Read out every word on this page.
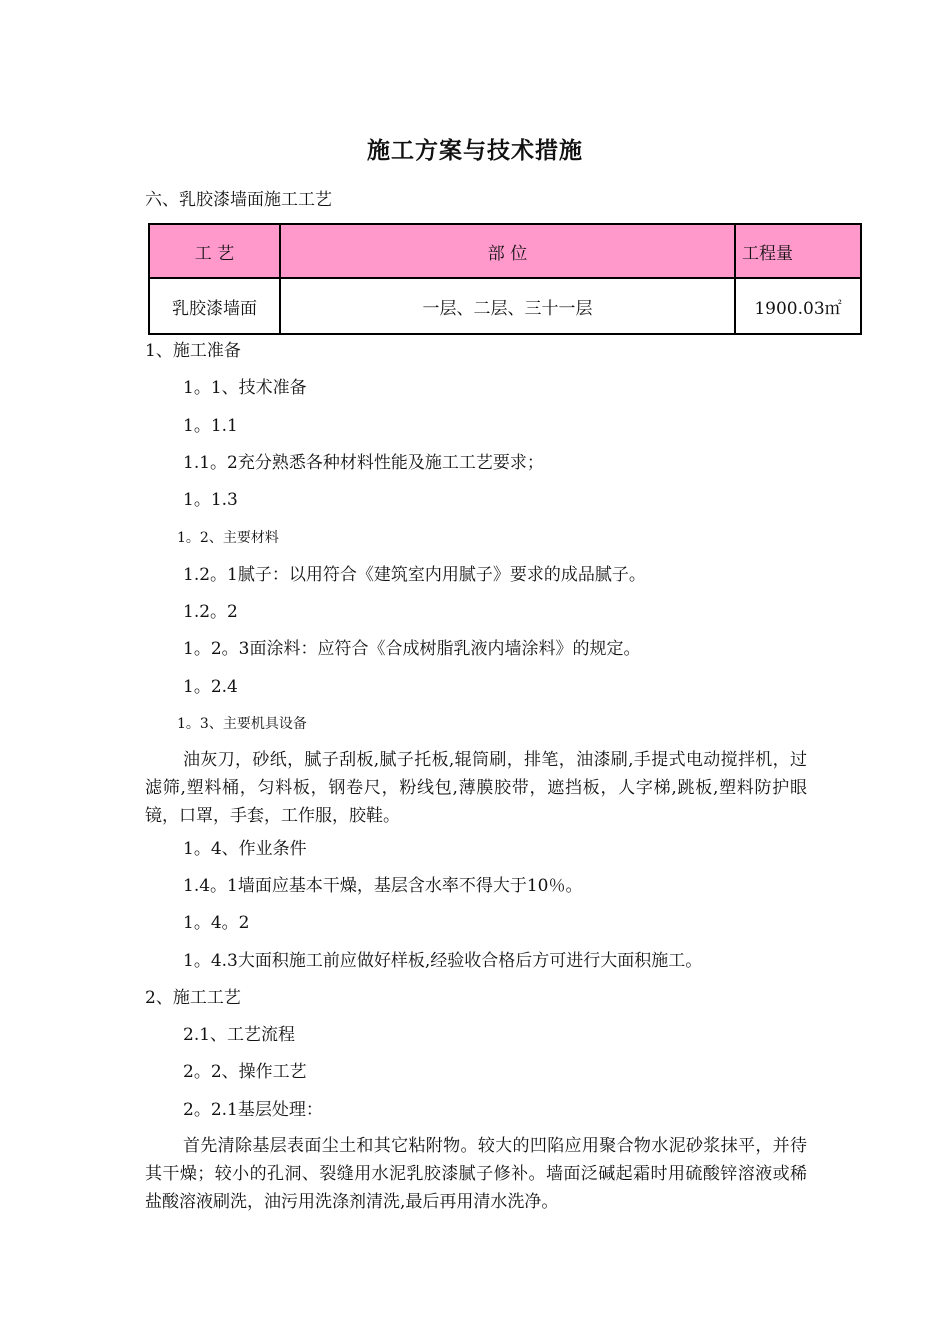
施工方案与技术措施
六、乳胶漆墙面施工工艺
工 艺	部 位	工程量
乳胶漆墙面	一层、二层、三十一层	1900.03㎡
1、施工准备
1。1、技术准备
1。1.1
1.1。2充分熟悉各种材料性能及施工工艺要求；
1。1.3
1。2、主要材料
1.2。1腻子：以用符合《建筑室内用腻子》要求的成品腻子。
1.2。2
1。2。3面涂料：应符合《合成树脂乳液内墙涂料》的规定。
1。2.4
1。3、主要机具设备
油灰刀，砂纸，腻子刮板,腻子托板,辊筒刷，排笔，油漆刷,手提式电动搅拌机，过滤筛,塑料桶，匀料板，钢卷尺，粉线包,薄膜胶带，遮挡板，人字梯,跳板,塑料防护眼镜，口罩，手套，工作服，胶鞋。
1。4、作业条件
1.4。1墙面应基本干燥，基层含水率不得大于10％。
1。4。2
1。4.3大面积施工前应做好样板,经验收合格后方可进行大面积施工。
2、施工工艺
2.1、工艺流程
2。2、操作工艺
2。2.1基层处理：
首先清除基层表面尘土和其它粘附物。较大的凹陷应用聚合物水泥砂浆抹平，并待其干燥；较小的孔洞、裂缝用水泥乳胶漆腻子修补。墙面泛碱起霜时用硫酸锌溶液或稀盐酸溶液刷洗，油污用洗涤剂清洗,最后再用清水洗净。
